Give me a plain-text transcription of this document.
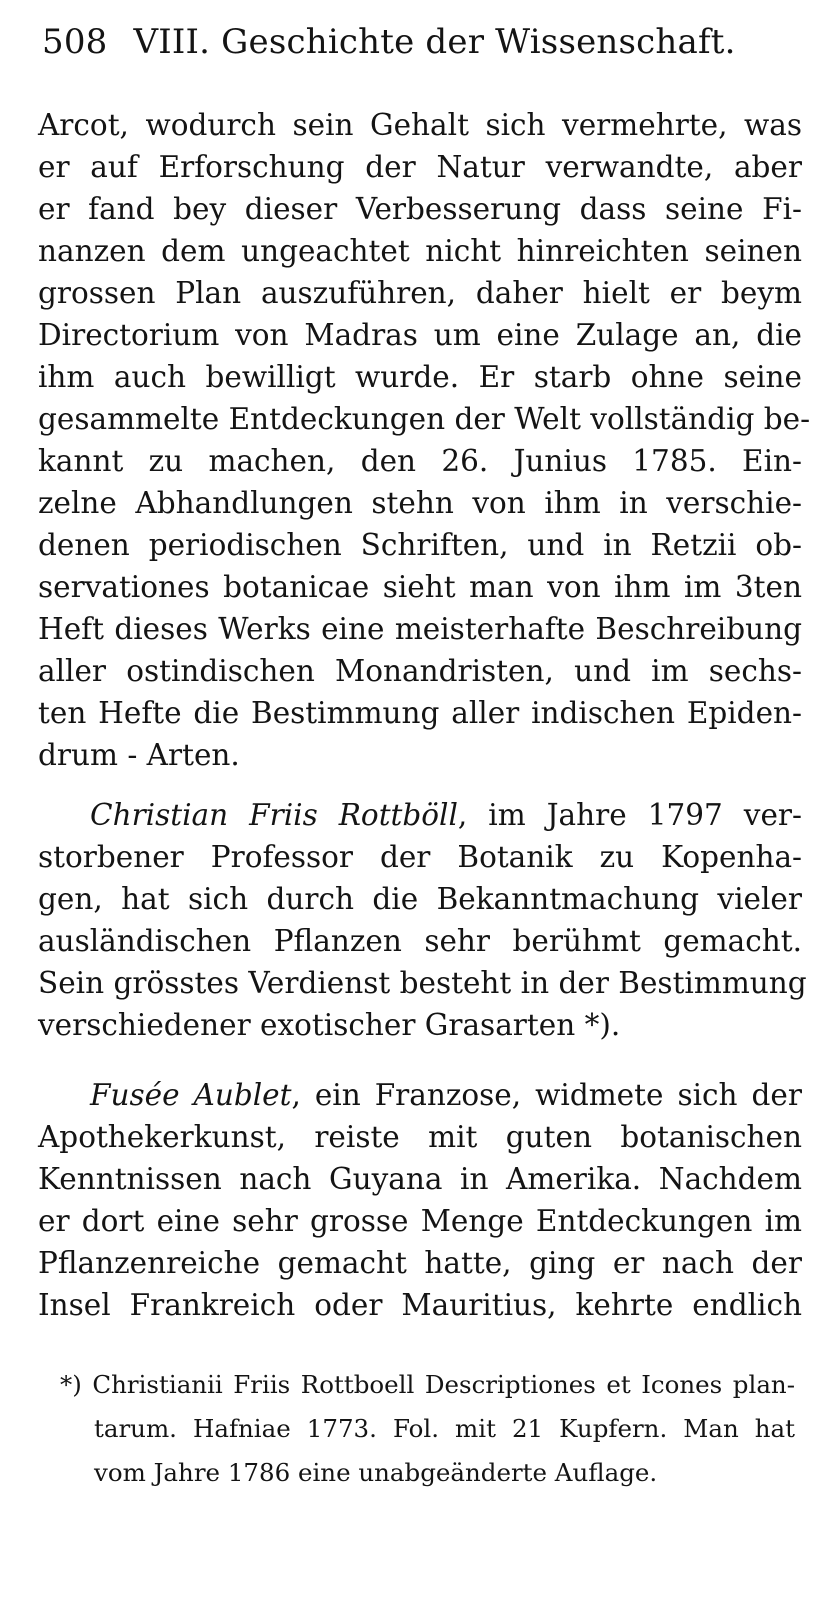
508 VIII. Geschichte der Wissenschaft.
Arcot, wodurch sein Gehalt sich vermehrte, was
er auf Erforschung der Natur verwandte, aber
er fand bey dieser Verbesserung dass seine Fi-
nanzen dem ungeachtet nicht hinreichten seinen
grossen Plan auszuführen, daher hielt er beym
Directorium von Madras um eine Zulage an, die
ihm auch bewilligt wurde. Er starb ohne seine
gesammelte Entdeckungen der Welt vollständig be-
kannt zu machen, den 26. Junius 1785. Ein-
zelne Abhandlungen stehn von ihm in verschie-
denen periodischen Schriften, und in Retzii ob-
servationes botanicae sieht man von ihm im 3ten
Heft dieses Werks eine meisterhafte Beschreibung
aller ostindischen Monandristen, und im sechs-
ten Hefte die Bestimmung aller indischen Epiden-
drum - Arten.
Christian Friis Rottböll, im Jahre 1797 ver-
storbener Professor der Botanik zu Kopenha-
gen, hat sich durch die Bekanntmachung vieler
ausländischen Pflanzen sehr berühmt gemacht.
Sein grösstes Verdienst besteht in der Bestimmung
verschiedener exotischer Grasarten *).
Fusée Aublet, ein Franzose, widmete sich der
Apothekerkunst, reiste mit guten botanischen
Kenntnissen nach Guyana in Amerika. Nachdem
er dort eine sehr grosse Menge Entdeckungen im
Pflanzenreiche gemacht hatte, ging er nach der
Insel Frankreich oder Mauritius, kehrte endlich
*) Christianii Friis Rottboell Descriptiones et Icones plan-
tarum. Hafniae 1773. Fol. mit 21 Kupfern. Man hat
vom Jahre 1786 eine unabgeänderte Auflage.
